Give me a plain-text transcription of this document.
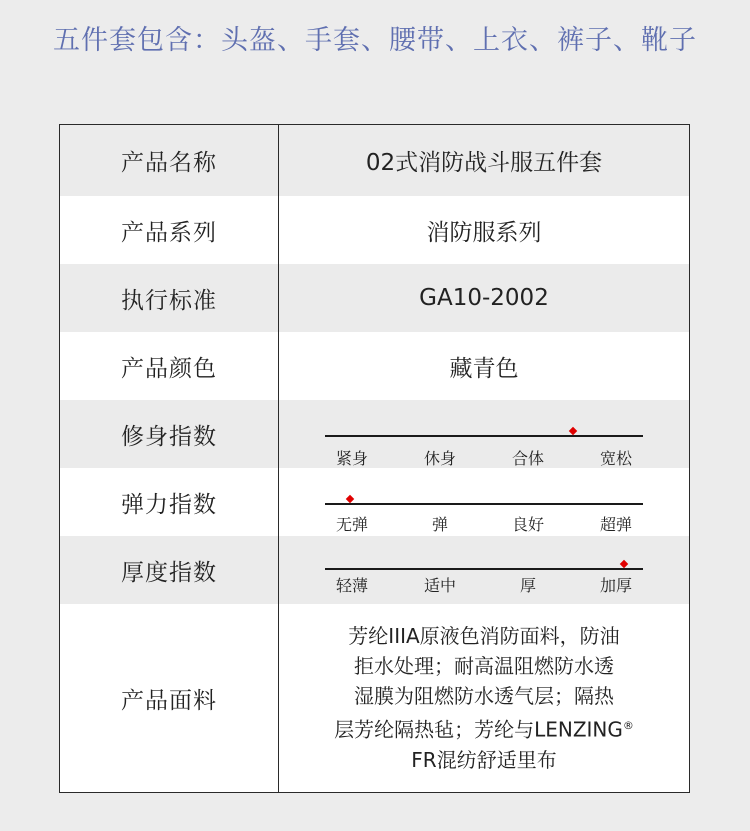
五件套包含：头盔、手套、腰带、上衣、裤子、靴子
产品名称	02式消防战斗服五件套
产品系列	消防服系列
执行标准	GA10-2002
产品颜色	藏青色
修身指数
紧身	休身	合体	宽松
弹力指数
无弹	弹	良好	超弹
厚度指数	轻薄	适中	厚	加厚
产品面料
芳纶IIIA原液色消防面料，防油
拒水处理；耐高温阻燃防水透
湿膜为阻燃防水透气层；隔热
层芳纶隔热毡；芳纶与LENZING®
FR混纺舒适里布
